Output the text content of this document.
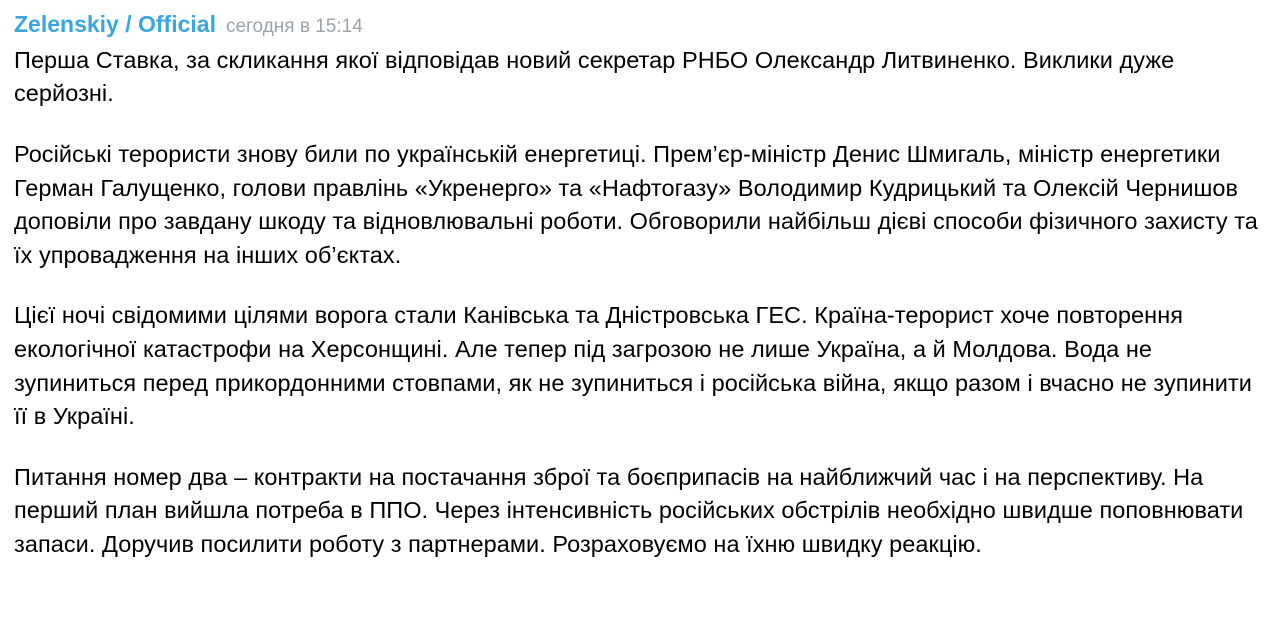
Zelenskiy / Official сегодня в 15:14

Перша Ставка, за скликання якої відповідав новий секретар РНБО Олександр Литвиненко. Виклики дуже серйозні.

Російські терористи знову били по українській енергетиці. Прем’єр-міністр Денис Шмигаль, міністр енергетики Герман Галущенко, голови правлінь «Укренерго» та «Нафтогазу» Володимир Кудрицький та Олексій Чернишов доповіли про завдану шкоду та відновлювальні роботи. Обговорили найбільш дієві способи фізичного захисту та їх упровадження на інших об’єктах.

Цієї ночі свідомими цілями ворога стали Канівська та Дністровська ГЕС. Країна-терорист хоче повторення екологічної катастрофи на Херсонщині. Але тепер під загрозою не лише Україна, а й Молдова. Вода не зупиниться перед прикордонними стовпами, як не зупиниться і російська війна, якщо разом і вчасно не зупинити її в Україні.

Питання номер два – контракти на постачання зброї та боєприпасів на найближчий час і на перспективу. На перший план вийшла потреба в ППО. Через інтенсивність російських обстрілів необхідно швидше поповнювати запаси. Доручив посилити роботу з партнерами. Розраховуємо на їхню швидку реакцію.
